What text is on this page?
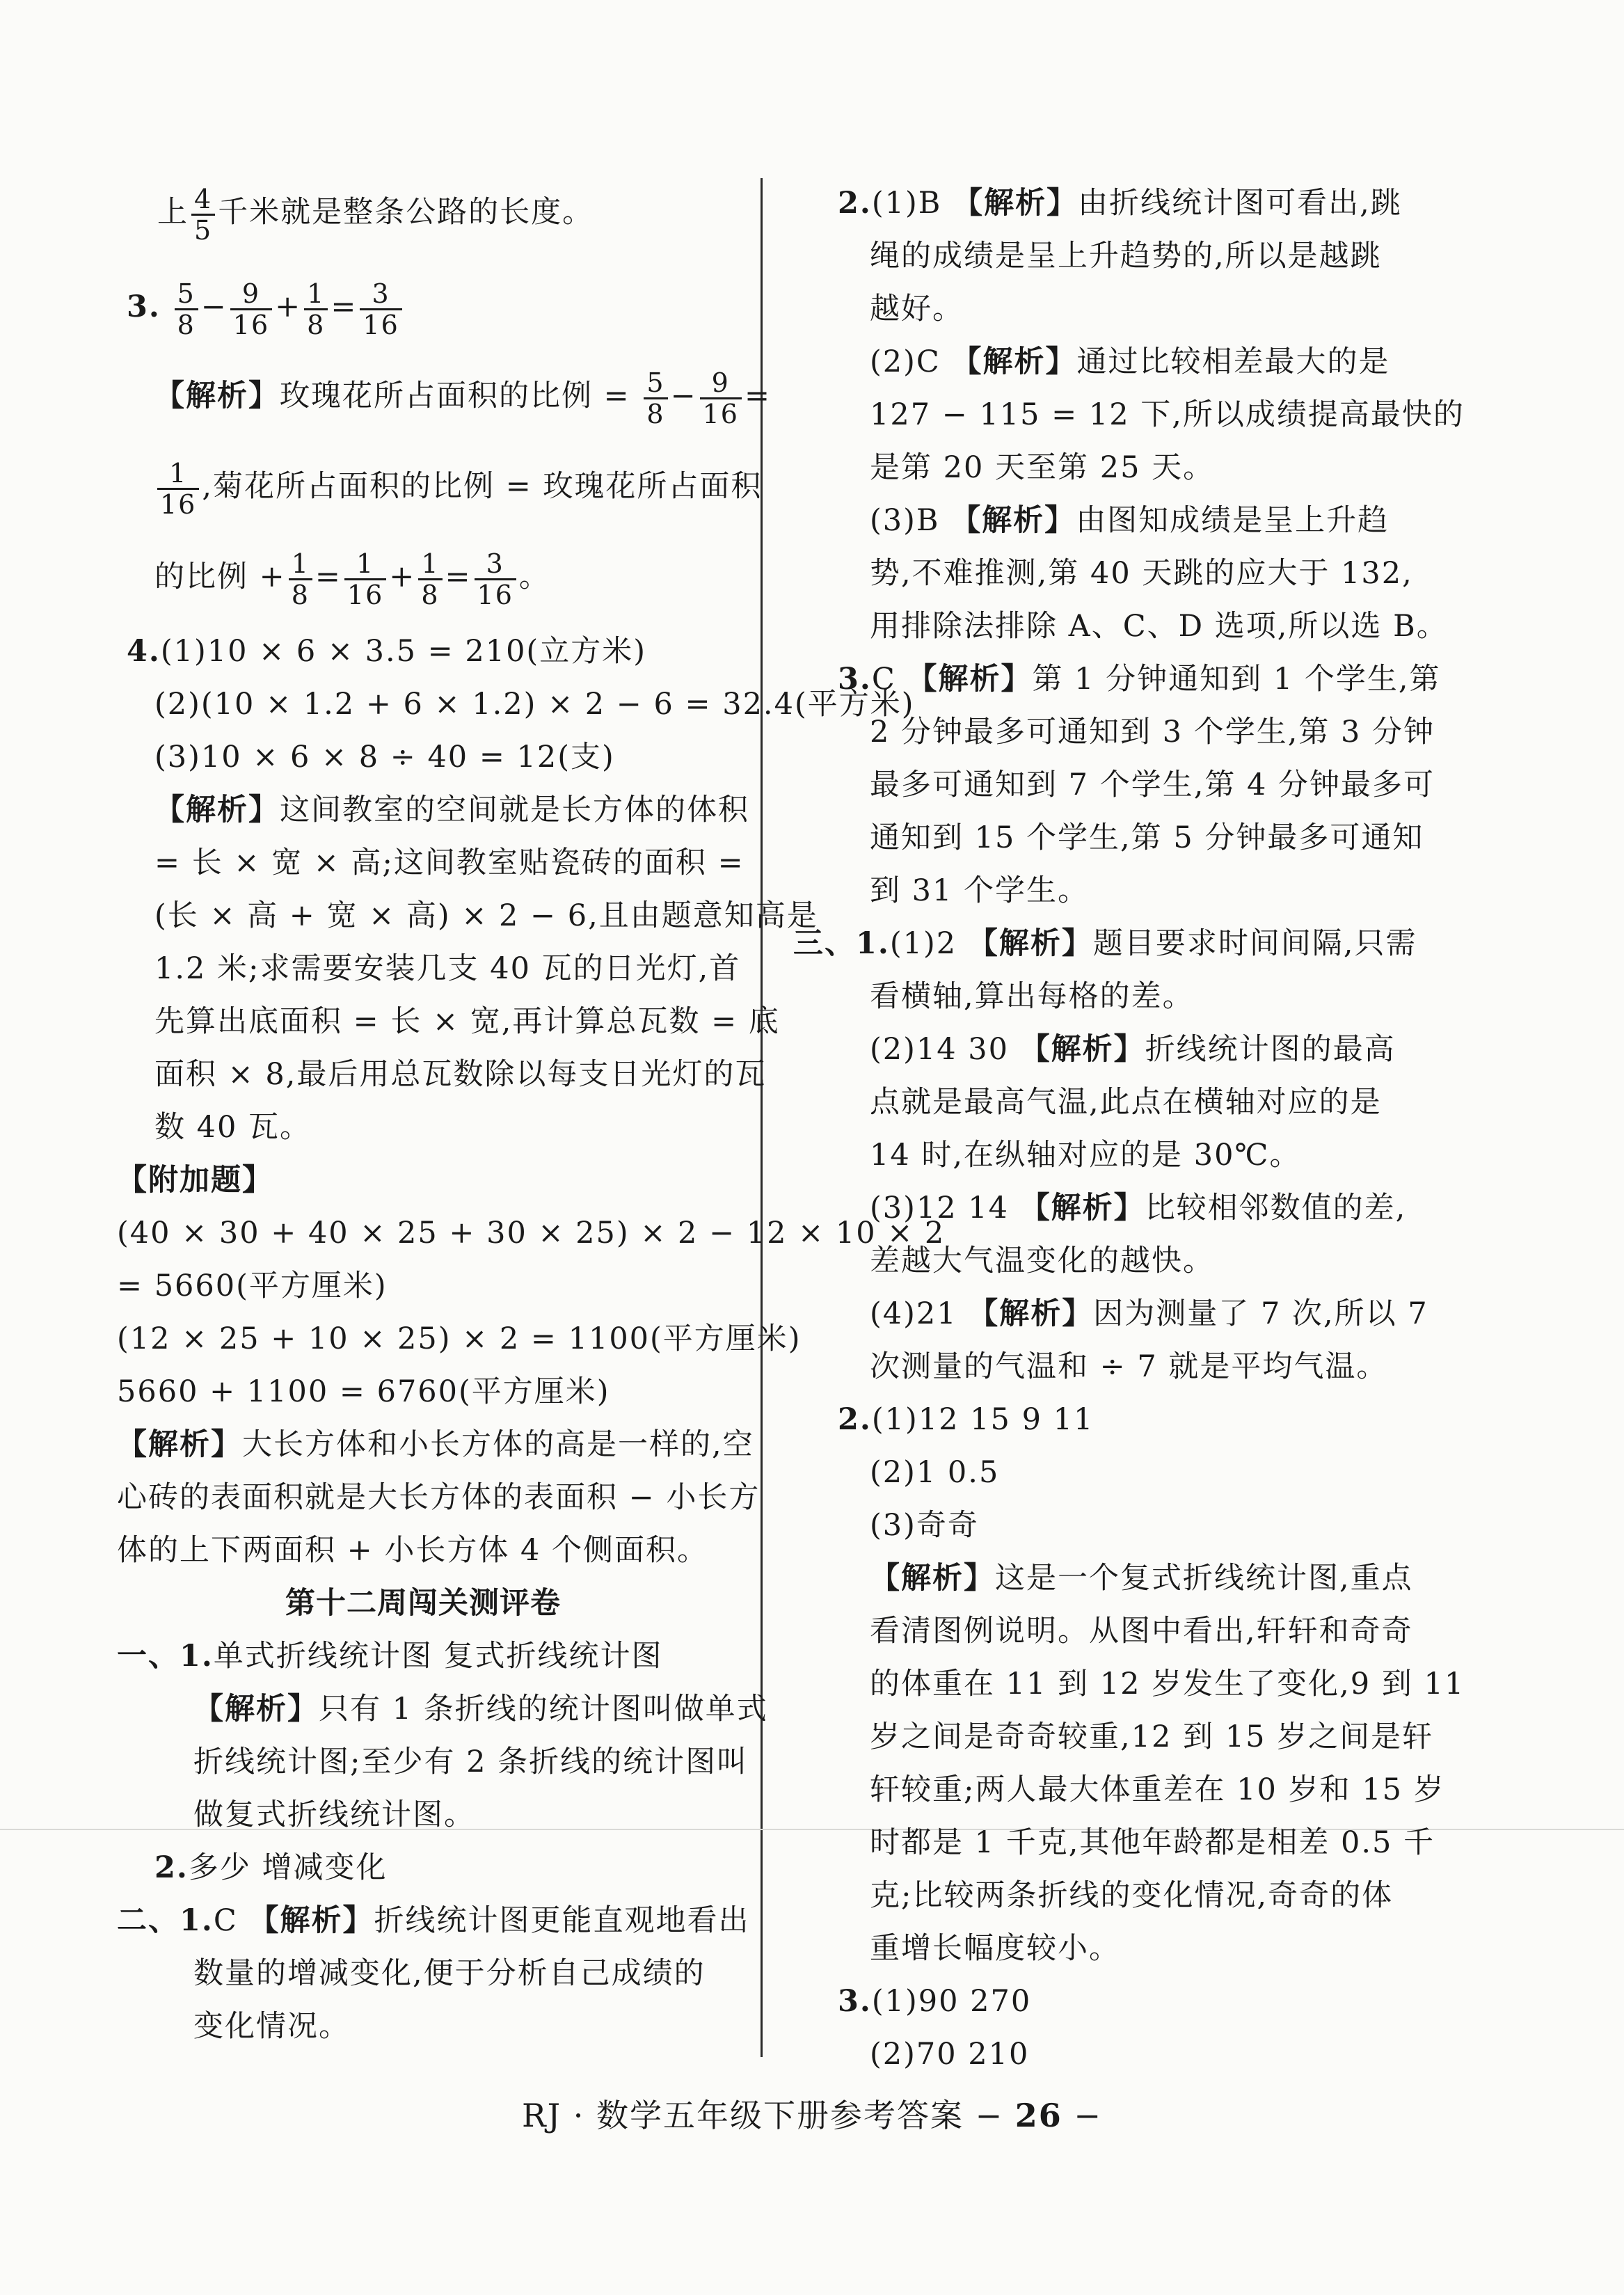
上 $\frac{4}{5}$ 千米就是整条公路的长度。
3. $\frac{5}{8} - \frac{9}{16} + \frac{1}{8} = \frac{3}{16}$
【解析】玫瑰花所占面积的比例 = $\frac{5}{8} - \frac{9}{16}$ =
$\frac{1}{16}$ ,菊花所占面积的比例 = 玫瑰花所占面积
的比例 + $\frac{1}{8} = \frac{1}{16} + \frac{1}{8} = \frac{3}{16}$ 。
4.(1)10 × 6 × 3.5 = 210(立方米)
(2)(10 × 1.2 + 6 × 1.2) × 2 − 6 = 32.4(平方米)
(3)10 × 6 × 8 ÷ 40 = 12(支)
【解析】这间教室的空间就是长方体的体积
= 长 × 宽 × 高;这间教室贴瓷砖的面积 =
(长 × 高 + 宽 × 高) × 2 − 6,且由题意知高是
1.2 米;求需要安装几支 40 瓦的日光灯,首
先算出底面积 = 长 × 宽,再计算总瓦数 = 底
面积 × 8,最后用总瓦数除以每支日光灯的瓦
数 40 瓦。
【附加题】
(40 × 30 + 40 × 25 + 30 × 25) × 2 − 12 × 10 × 2
= 5660(平方厘米)
(12 × 25 + 10 × 25) × 2 = 1100(平方厘米)
5660 + 1100 = 6760(平方厘米)
【解析】大长方体和小长方体的高是一样的,空
心砖的表面积就是大长方体的表面积 − 小长方
体的上下两面积 + 小长方体 4 个侧面积。
第十二周闯关测评卷
一、1.单式折线统计图 复式折线统计图
【解析】只有 1 条折线的统计图叫做单式
折线统计图;至少有 2 条折线的统计图叫
做复式折线统计图。
2.多少 增减变化
二、1.C 【解析】折线统计图更能直观地看出
数量的增减变化,便于分析自己成绩的
变化情况。
2.(1)B 【解析】由折线统计图可看出,跳
绳的成绩是呈上升趋势的,所以是越跳
越好。
(2)C 【解析】通过比较相差最大的是
127 − 115 = 12 下,所以成绩提高最快的
是第 20 天至第 25 天。
(3)B 【解析】由图知成绩是呈上升趋
势,不难推测,第 40 天跳的应大于 132,
用排除法排除 A、C、D 选项,所以选 B。
3.C 【解析】第 1 分钟通知到 1 个学生,第
2 分钟最多可通知到 3 个学生,第 3 分钟
最多可通知到 7 个学生,第 4 分钟最多可
通知到 15 个学生,第 5 分钟最多可通知
到 31 个学生。
三、1.(1)2 【解析】题目要求时间间隔,只需
看横轴,算出每格的差。
(2)14 30 【解析】折线统计图的最高
点就是最高气温,此点在横轴对应的是
14 时,在纵轴对应的是 30℃。
(3)12 14 【解析】比较相邻数值的差,
差越大气温变化的越快。
(4)21 【解析】因为测量了 7 次,所以 7
次测量的气温和 ÷ 7 就是平均气温。
2.(1)12 15 9 11
(2)1 0.5
(3)奇奇
【解析】这是一个复式折线统计图,重点
看清图例说明。从图中看出,轩轩和奇奇
的体重在 11 到 12 岁发生了变化,9 到 11
岁之间是奇奇较重,12 到 15 岁之间是轩
轩较重;两人最大体重差在 10 岁和 15 岁
时都是 1 千克,其他年龄都是相差 0.5 千
克;比较两条折线的变化情况,奇奇的体
重增长幅度较小。
3.(1)90 270
(2)70 210
RJ · 数学五年级下册参考答案 − 26 −
